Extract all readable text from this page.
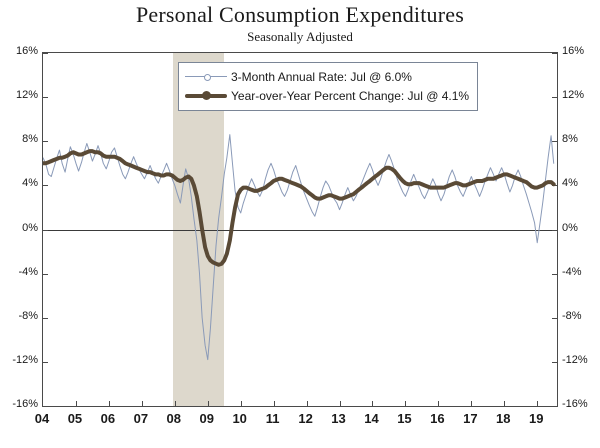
Personal Consumption Expenditures
Seasonally Adjusted
-16%	-16%
-12%	-12%
-8%	-8%
-4%	-4%
0%	0%
4%	4%
8%	8%
12%	12%
16%	16%
04	05	06	07	08	09	10	11	12	13	14	15	16	17	18	19
3-Month Annual Rate: Jul @ 6.0%
Year-over-Year Percent Change: Jul @ 4.1%
